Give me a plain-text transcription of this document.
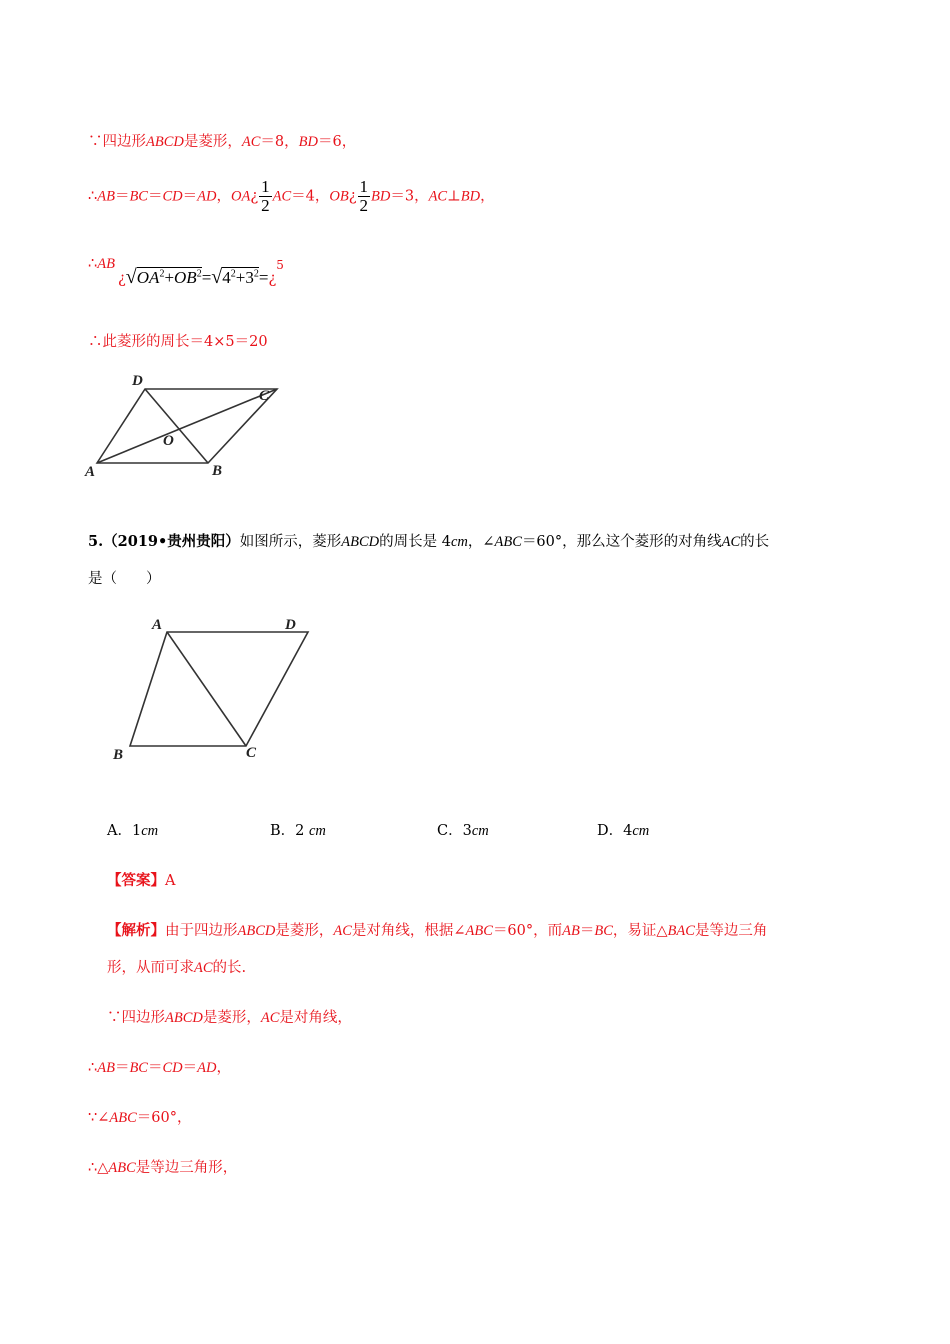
∵四边形ABCD是菱形，AC＝8，BD＝6，
∴AB＝BC＝CD＝AD，OA¿ $\frac{1}{2} AC=4$，OB¿ $\frac{1}{2} BD=3$，AC⊥BD，
∴AB
¿$√OA^2+OB^2=√4^2+3^2=¿^5$
∴此菱形的周长＝4×5＝20
D
C
O
A	B
5.（2019•贵州贵阳）如图所示，菱形ABCD的周长是 4cm，∠ABC＝60°，那么这个菱形的对角线AC的长
是（　　）
A	D
B	C
A．1cm	B．2 cm	C．3cm	D．4cm
【答案】A
【解析】由于四边形ABCD是菱形，AC是对角线，根据∠ABC＝60°，而AB＝BC，易证△BAC是等边三角
形，从而可求AC的长.
∵四边形ABCD是菱形，AC是对角线，
∴AB＝BC＝CD＝AD，
∵∠ABC＝60°，
∴△ABC是等边三角形，
